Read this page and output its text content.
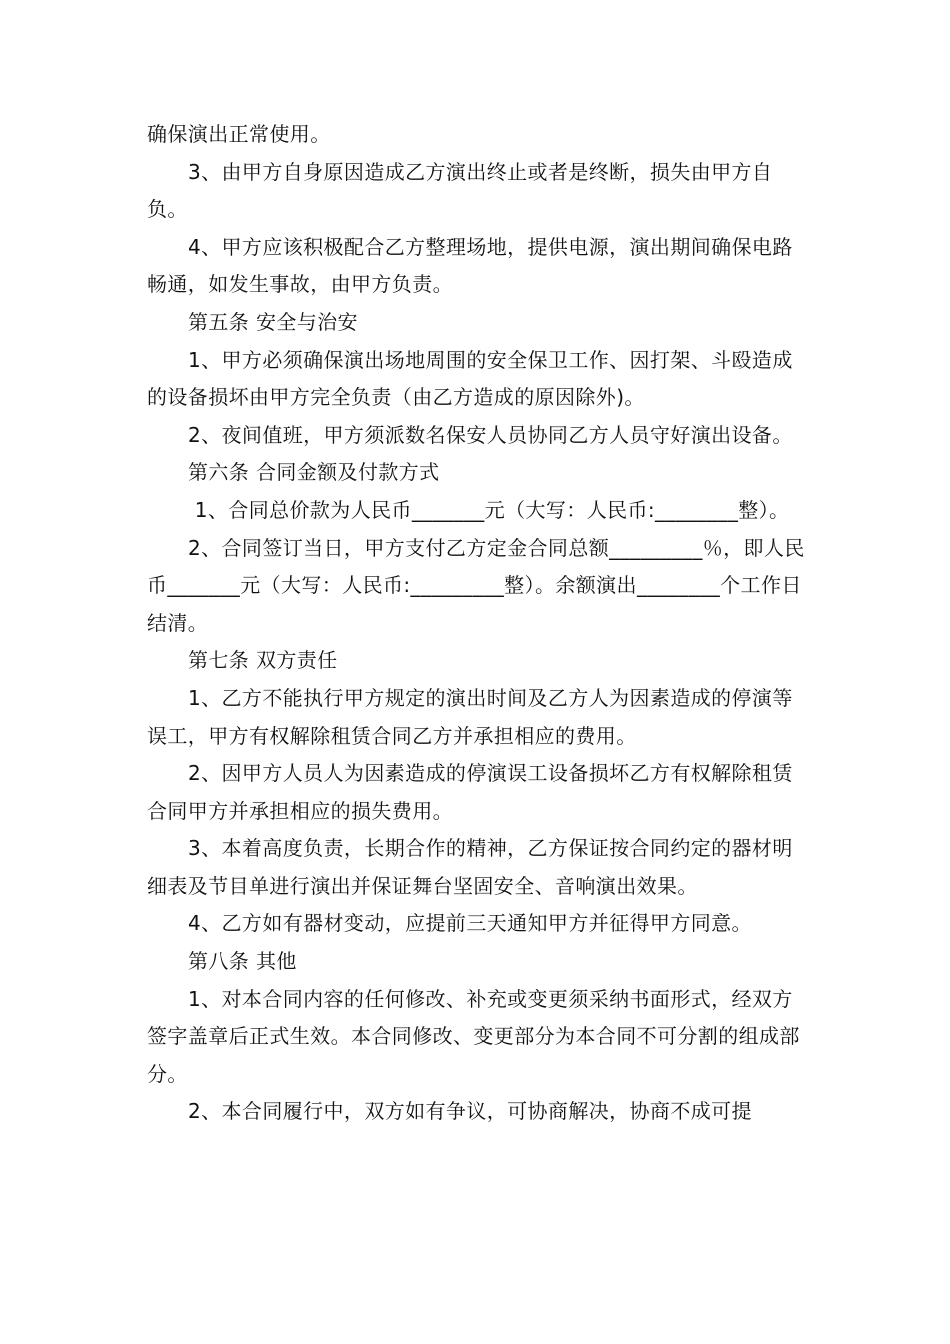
确保演出正常使用。

3、由甲方自身原因造成乙方演出终止或者是终断，损失由甲方自负。

4、甲方应该积极配合乙方整理场地，提供电源，演出期间确保电路畅通，如发生事故，由甲方负责。

第五条 安全与治安

1、甲方必须确保演出场地周围的安全保卫工作、因打架、斗殴造成的设备损坏由甲方完全负责（由乙方造成的原因除外)。

2、夜间值班，甲方须派数名保安人员协同乙方人员守好演出设备。

第六条 合同金额及付款方式

1、合同总价款为人民币_______元（大写：人民币:________整）。

2、合同签订当日，甲方支付乙方定金合同总额_________％，即人民币_______元（大写：人民币:_________整）。余额演出________个工作日结清。

第七条 双方责任

1、乙方不能执行甲方规定的演出时间及乙方人为因素造成的停演等误工，甲方有权解除租赁合同乙方并承担相应的费用。

2、因甲方人员人为因素造成的停演误工设备损坏乙方有权解除租赁合同甲方并承担相应的损失费用。

3、本着高度负责，长期合作的精神，乙方保证按合同约定的器材明细表及节目单进行演出并保证舞台坚固安全、音响演出效果。

4、乙方如有器材变动，应提前三天通知甲方并征得甲方同意。

第八条 其他

1、对本合同内容的任何修改、补充或变更须采纳书面形式，经双方签字盖章后正式生效。本合同修改、变更部分为本合同不可分割的组成部分。

2、本合同履行中，双方如有争议，可协商解决，协商不成可提
